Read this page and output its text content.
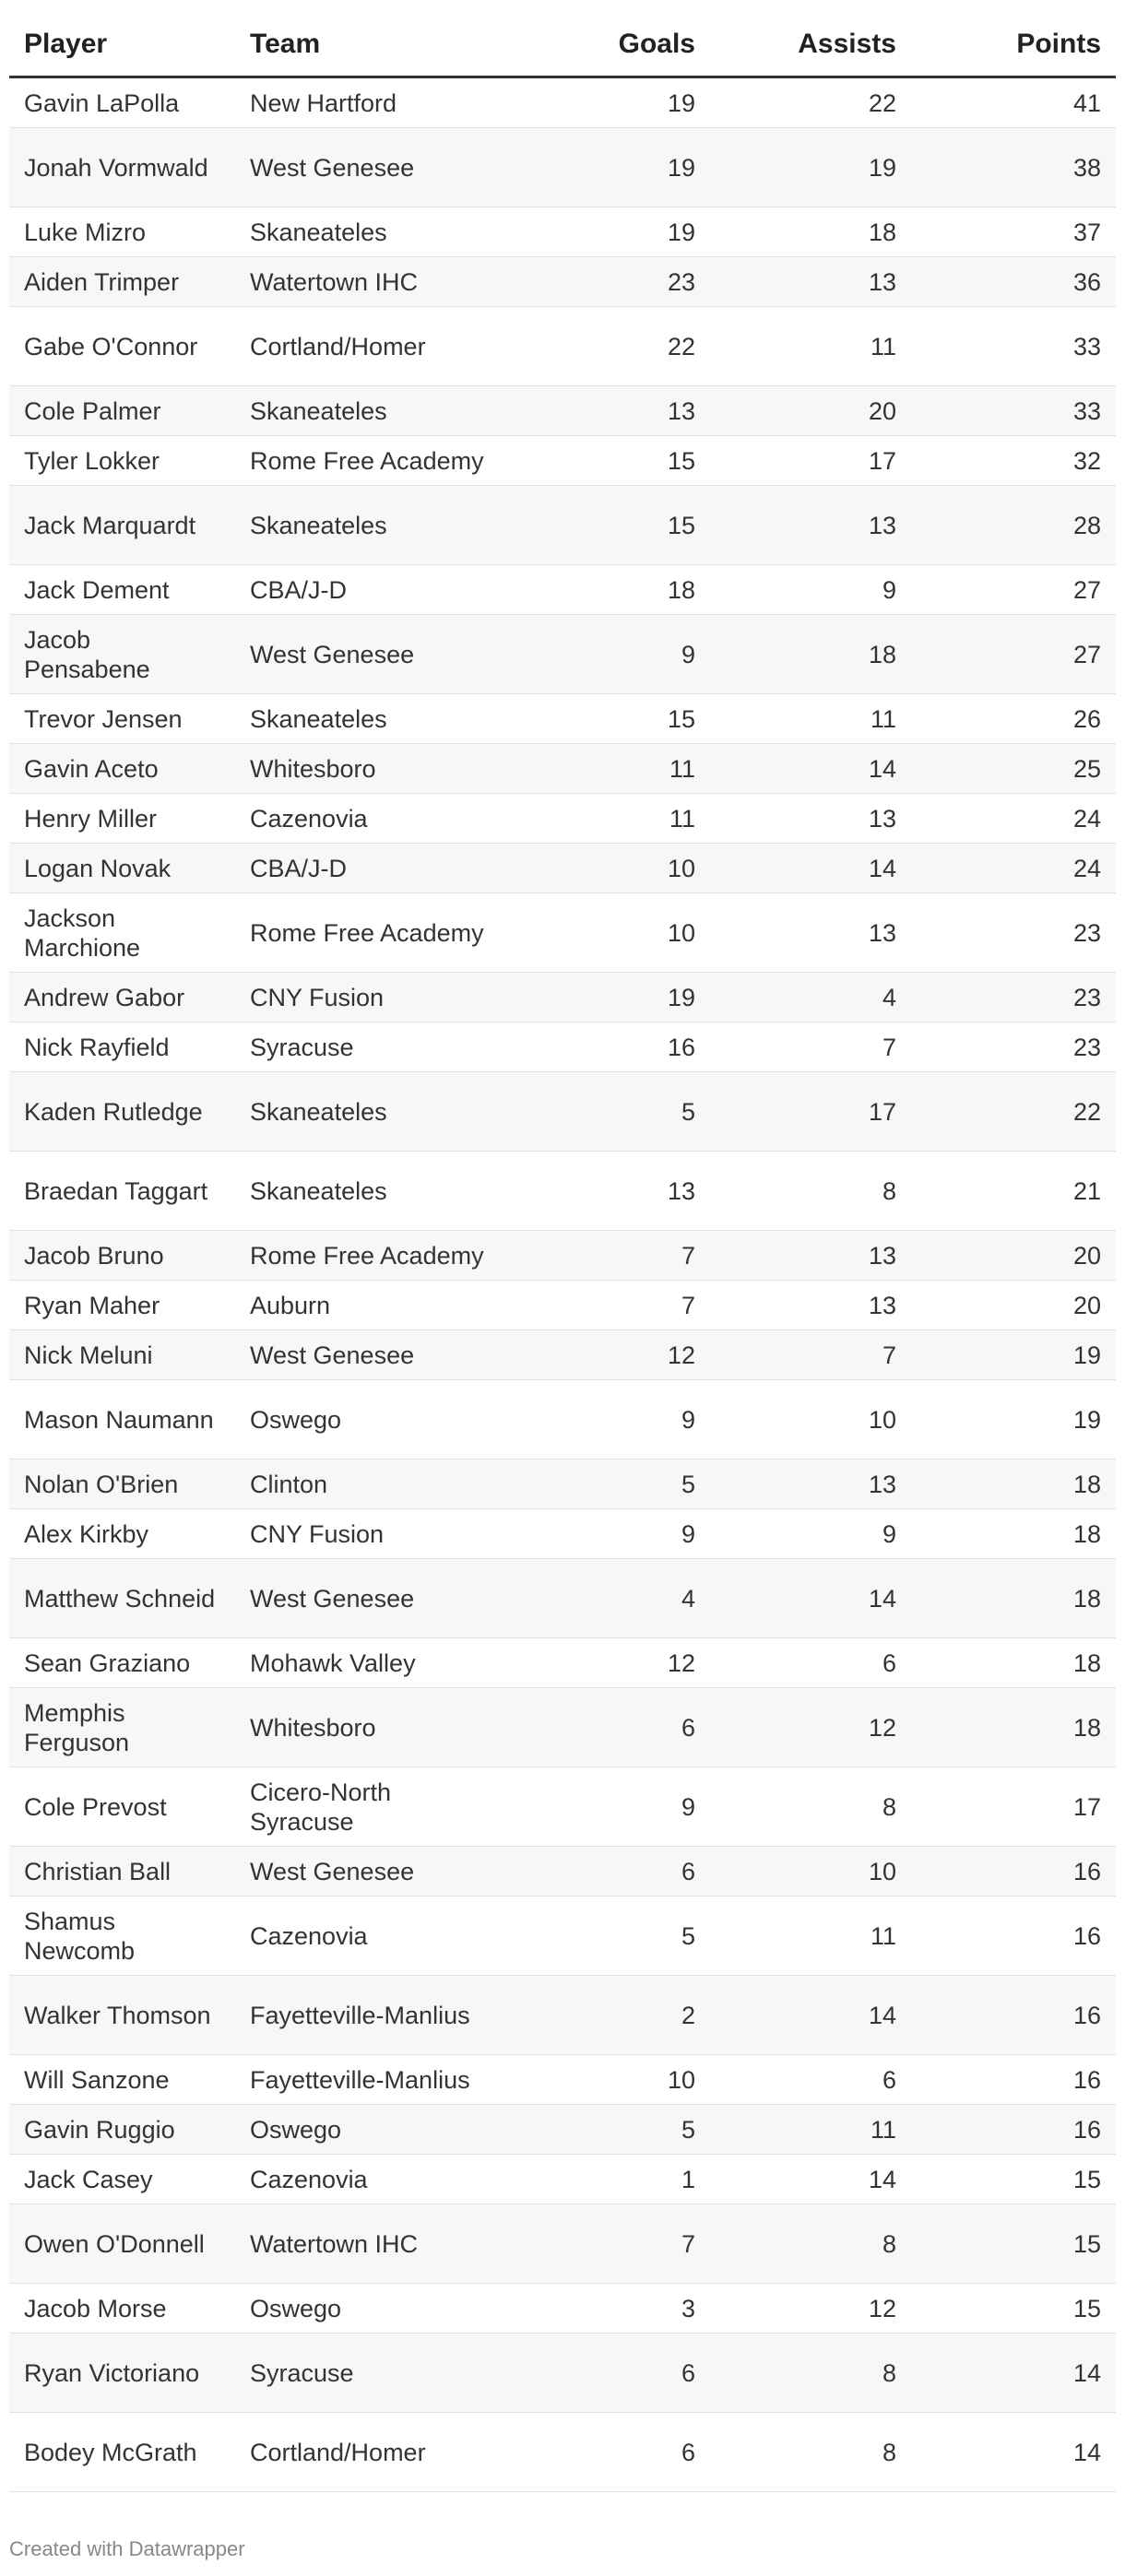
Player	Team	Goals	Assists	Points
Gavin LaPolla	New Hartford	19	22	41
Jonah Vormwald	West Genesee	19	19	38
Luke Mizro	Skaneateles	19	18	37
Aiden Trimper	Watertown IHC	23	13	36
Gabe O'Connor	Cortland/Homer	22	11	33
Cole Palmer	Skaneateles	13	20	33
Tyler Lokker	Rome Free Academy	15	17	32
Jack Marquardt	Skaneateles	15	13	28
Jack Dement	CBA/J-D	18	9	27
Jacob Pensabene	West Genesee	9	18	27
Trevor Jensen	Skaneateles	15	11	26
Gavin Aceto	Whitesboro	11	14	25
Henry Miller	Cazenovia	11	13	24
Logan Novak	CBA/J-D	10	14	24
Jackson Marchione	Rome Free Academy	10	13	23
Andrew Gabor	CNY Fusion	19	4	23
Nick Rayfield	Syracuse	16	7	23
Kaden Rutledge	Skaneateles	5	17	22
Braedan Taggart	Skaneateles	13	8	21
Jacob Bruno	Rome Free Academy	7	13	20
Ryan Maher	Auburn	7	13	20
Nick Meluni	West Genesee	12	7	19
Mason Naumann	Oswego	9	10	19
Nolan O'Brien	Clinton	5	13	18
Alex Kirkby	CNY Fusion	9	9	18
Matthew Schneid	West Genesee	4	14	18
Sean Graziano	Mohawk Valley	12	6	18
Memphis Ferguson	Whitesboro	6	12	18
Cole Prevost	Cicero-North Syracuse	9	8	17
Christian Ball	West Genesee	6	10	16
Shamus Newcomb	Cazenovia	5	11	16
Walker Thomson	Fayetteville-Manlius	2	14	16
Will Sanzone	Fayetteville-Manlius	10	6	16
Gavin Ruggio	Oswego	5	11	16
Jack Casey	Cazenovia	1	14	15
Owen O'Donnell	Watertown IHC	7	8	15
Jacob Morse	Oswego	3	12	15
Ryan Victoriano	Syracuse	6	8	14
Bodey McGrath	Cortland/Homer	6	8	14
Created with Datawrapper
